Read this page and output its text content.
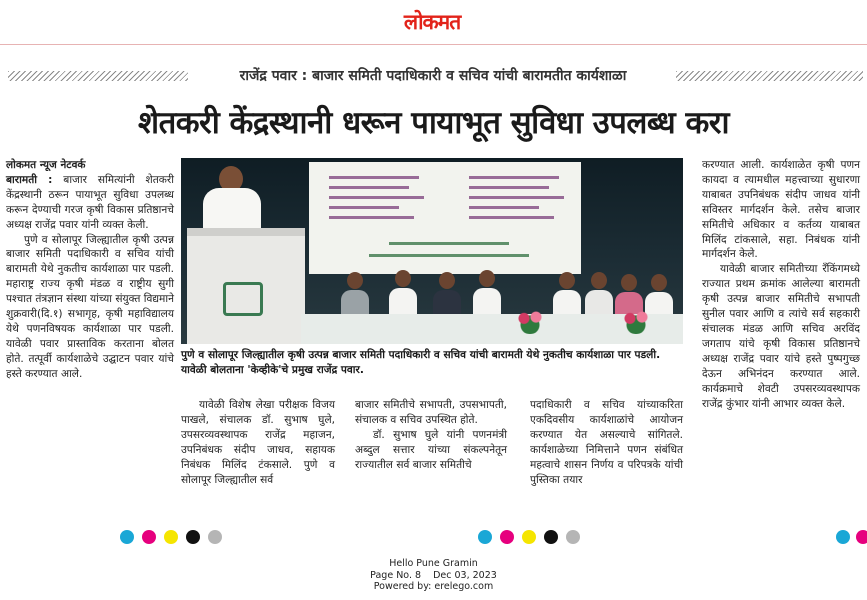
लोकमत
राजेंद्र पवार : बाजार समिती पदाधिकारी व सचिव यांची बारामतीत कार्यशाळा
शेतकरी केंद्रस्थानी धरून पायाभूत सुविधा उपलब्ध करा

लोकमत न्यूज नेटवर्क

बारामती : बाजार समित्यांनी शेतकरी केंद्रस्थानी ठरून पायाभूत सुविधा उपलब्ध करून देण्याची गरज कृषी विकास प्रतिष्ठानचे अध्यक्ष राजेंद्र पवार यांनी व्यक्त केली.

पुणे व सोलापूर जिल्ह्यातील कृषी उत्पन्न बाजार समिती पदाधिकारी व सचिव यांची बारामती येथे नुकतीच कार्यशाळा पार पडली. महाराष्ट्र राज्य कृषी मंडळ व राष्ट्रीय सुगी पश्चात तंत्रज्ञान संस्था यांच्या संयुक्त विद्यमाने शुक्रवारी(दि.१) सभागृह, कृषी महाविद्यालय येथे पणनविषयक कार्यशाळा पार पडली. यावेळी पवार प्रास्ताविक करताना बोलत होते. तत्पूर्वी कार्यशाळेचे उद्घाटन पवार यांचे हस्ते करण्यात आले.

पुणे व सोलापूर जिल्ह्यातील कृषी उत्पन्न बाजार समिती पदाधिकारी व सचिव यांची बारामती येथे नुकतीच कार्यशाळा पार पडली. यावेळी बोलताना 'केव्हीके'चे प्रमुख राजेंद्र पवार.

यावेळी विशेष लेखा परीक्षक विजय पाखले, संचालक डॉ. सुभाष घुले, उपसरव्यवस्थापक राजेंद्र महाजन, उपनिबंधक संदीप जाधव, सहायक निबंधक मिलिंद टंकसाले. पुणे व सोलापूर जिल्ह्यातील सर्व

बाजार समितीचे सभापती, उपसभापती, संचालक व सचिव उपस्थित होते.

डॉ. सुभाष घुले यांनी पणनमंत्री अब्दुल सत्तार यांच्या संकल्पनेतून राज्यातील सर्व बाजार समितीचे

पदाधिकारी व सचिव यांच्याकरिता एकदिवसीय कार्यशाळांचे आयोजन करण्यात येत असल्याचे सांगितले. कार्यशाळेच्या निमित्ताने पणन संबंधित महत्वाचे शासन निर्णय व परिपत्रके यांची पुस्तिका तयार

करण्यात आली. कार्यशाळेत कृषी पणन कायदा व त्यामधील महत्त्वाच्या सुधारणा याबाबत उपनिबंधक संदीप जाधव यांनी सविस्तर मार्गदर्शन केले. तसेच बाजार समितीचे अधिकार व कर्तव्य याबाबत मिलिंद टांकसाले, सहा. निबंधक यांनी मार्गदर्शन केले.

यावेळी बाजार समितीच्या रँकिंगमध्ये राज्यात प्रथम क्रमांक आलेल्या बारामती कृषी उत्पन्न बाजार समितीचे सभापती सुनील पवार आणि व त्यांचे सर्व सहकारी संचालक मंडळ आणि सचिव अरविंद जगताप यांचे कृषी विकास प्रतिष्ठानचे अध्यक्ष राजेंद्र पवार यांचे हस्ते पुष्पगुच्छ देऊन अभिनंदन करण्यात आले. कार्यक्रमाचे शेवटी उपसरव्यवस्थापक राजेंद्र कुंभार यांनी आभार व्यक्त केले.

Hello Pune Gramin
Page No. 8    Dec 03, 2023
Powered by: erelego.com
